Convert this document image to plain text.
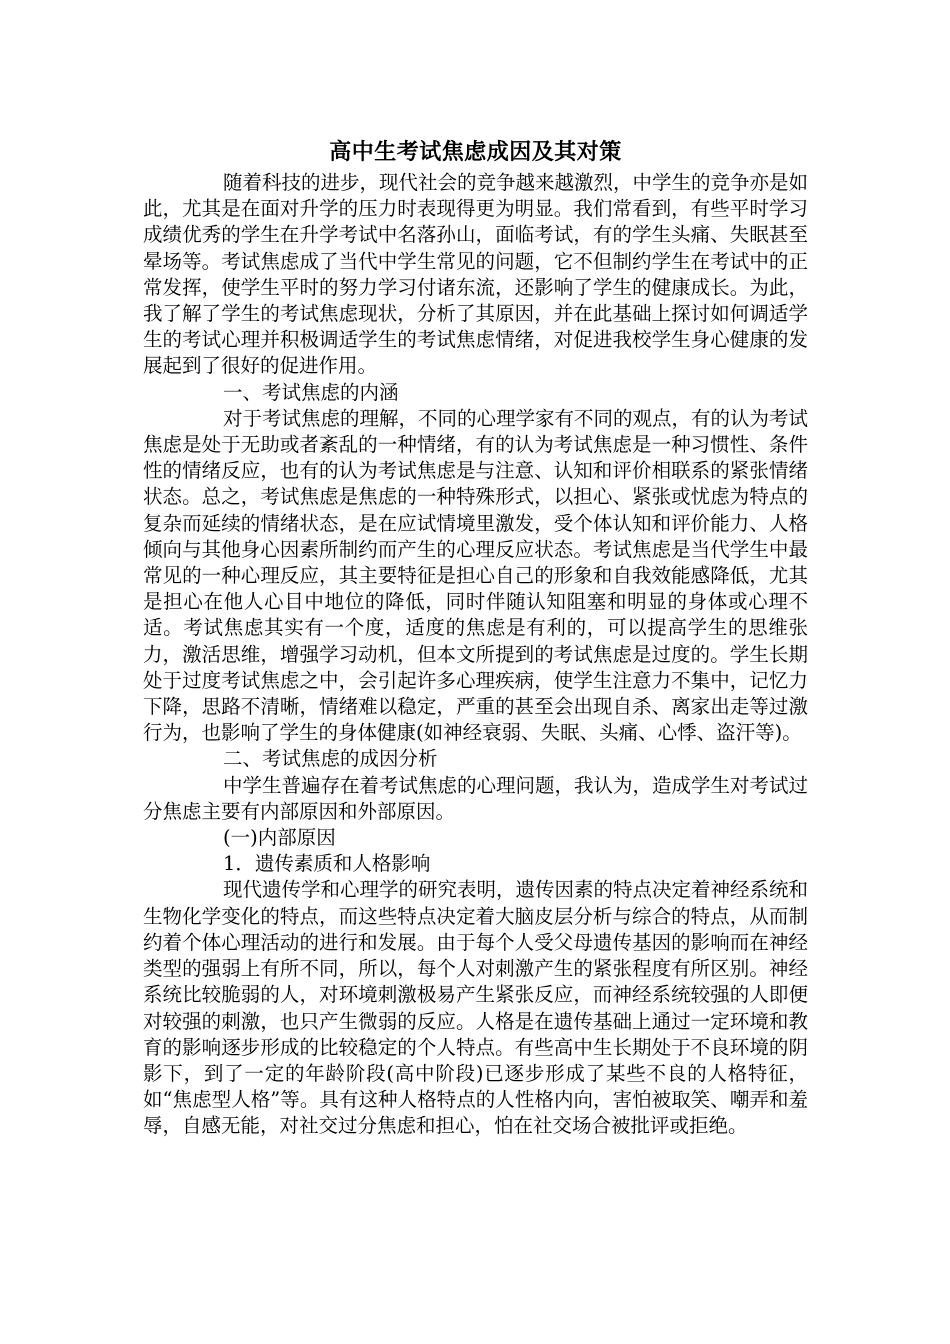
高中生考试焦虑成因及其对策

随着科技的进步，现代社会的竞争越来越激烈，中学生的竞争亦是如此，尤其是在面对升学的压力时表现得更为明显。我们常看到，有些平时学习成绩优秀的学生在升学考试中名落孙山，面临考试，有的学生头痛、失眠甚至晕场等。考试焦虑成了当代中学生常见的问题，它不但制约学生在考试中的正常发挥，使学生平时的努力学习付诸东流，还影响了学生的健康成长。为此，我了解了学生的考试焦虑现状，分析了其原因，并在此基础上探讨如何调适学生的考试心理并积极调适学生的考试焦虑情绪，对促进我校学生身心健康的发展起到了很好的促进作用。

一、考试焦虑的内涵

对于考试焦虑的理解，不同的心理学家有不同的观点，有的认为考试焦虑是处于无助或者紊乱的一种情绪，有的认为考试焦虑是一种习惯性、条件性的情绪反应，也有的认为考试焦虑是与注意、认知和评价相联系的紧张情绪状态。总之，考试焦虑是焦虑的一种特殊形式，以担心、紧张或忧虑为特点的复杂而延续的情绪状态，是在应试情境里激发，受个体认知和评价能力、人格倾向与其他身心因素所制约而产生的心理反应状态。考试焦虑是当代学生中最常见的一种心理反应，其主要特征是担心自己的形象和自我效能感降低，尤其是担心在他人心目中地位的降低，同时伴随认知阻塞和明显的身体或心理不适。考试焦虑其实有一个度，适度的焦虑是有利的，可以提高学生的思维张力，激活思维，增强学习动机，但本文所提到的考试焦虑是过度的。学生长期处于过度考试焦虑之中，会引起许多心理疾病，使学生注意力不集中，记忆力下降，思路不清晰，情绪难以稳定，严重的甚至会出现自杀、离家出走等过激行为，也影响了学生的身体健康(如神经衰弱、失眠、头痛、心悸、盗汗等)。

二、考试焦虑的成因分析

中学生普遍存在着考试焦虑的心理问题，我认为，造成学生对考试过分焦虑主要有内部原因和外部原因。

(一)内部原因

1．遗传素质和人格影响

现代遗传学和心理学的研究表明，遗传因素的特点决定着神经系统和生物化学变化的特点，而这些特点决定着大脑皮层分析与综合的特点，从而制约着个体心理活动的进行和发展。由于每个人受父母遗传基因的影响而在神经类型的强弱上有所不同，所以，每个人对刺激产生的紧张程度有所区别。神经系统比较脆弱的人，对环境刺激极易产生紧张反应，而神经系统较强的人即便对较强的刺激，也只产生微弱的反应。人格是在遗传基础上通过一定环境和教育的影响逐步形成的比较稳定的个人特点。有些高中生长期处于不良环境的阴影下，到了一定的年龄阶段(高中阶段)已逐步形成了某些不良的人格特征，如“焦虑型人格”等。具有这种人格特点的人性格内向，害怕被取笑、嘲弄和羞辱，自感无能，对社交过分焦虑和担心，怕在社交场合被批评或拒绝。
